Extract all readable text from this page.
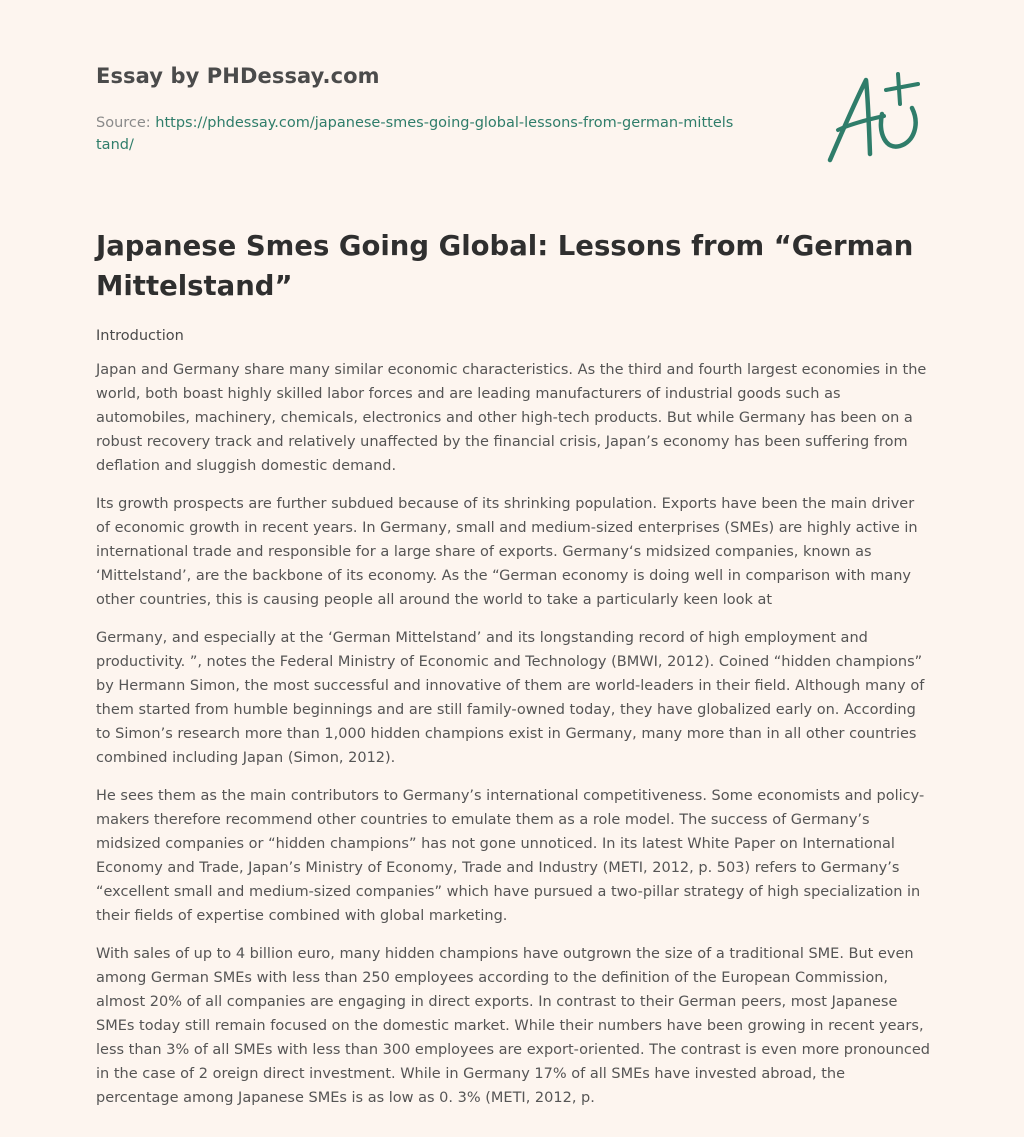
Essay by PHDessay.com
Source: https://phdessay.com/japanese-smes-going-global-lessons-from-german-mittelstand/
Japanese Smes Going Global: Lessons from “German Mittelstand”

Introduction

Japan and Germany share many similar economic characteristics. As the third and fourth largest economies in the world, both boast highly skilled labor forces and are leading manufacturers of industrial goods such as automobiles, machinery, chemicals, electronics and other high-tech products. But while Germany has been on a robust recovery track and relatively unaffected by the financial crisis, Japan’s economy has been suffering from deflation and sluggish domestic demand.

Its growth prospects are further subdued because of its shrinking population. Exports have been the main driver of economic growth in recent years. In Germany, small and medium-sized enterprises (SMEs) are highly active in international trade and responsible for a large share of exports. Germany‘s midsized companies, known as ‘Mittelstand’, are the backbone of its economy. As the “German economy is doing well in comparison with many other countries, this is causing people all around the world to take a particularly keen look at

Germany, and especially at the ‘German Mittelstand’ and its longstanding record of high employment and productivity. ”, notes the Federal Ministry of Economic and Technology (BMWI, 2012). Coined “hidden champions” by Hermann Simon, the most successful and innovative of them are world-leaders in their field. Although many of them started from humble beginnings and are still family-owned today, they have globalized early on. According to Simon’s research more than 1,000 hidden champions exist in Germany, many more than in all other countries combined including Japan (Simon, 2012).

He sees them as the main contributors to Germany’s international competitiveness. Some economists and policy-makers therefore recommend other countries to emulate them as a role model. The success of Germany’s midsized companies or “hidden champions” has not gone unnoticed. In its latest White Paper on International Economy and Trade, Japan’s Ministry of Economy, Trade and Industry (METI, 2012, p. 503) refers to Germany’s “excellent small and medium-sized companies” which have pursued a two-pillar strategy of high specialization in their fields of expertise combined with global marketing.

With sales of up to 4 billion euro, many hidden champions have outgrown the size of a traditional SME. But even among German SMEs with less than 250 employees according to the definition of the European Commission, almost 20% of all companies are engaging in direct exports. In contrast to their German peers, most Japanese SMEs today still remain focused on the domestic market. While their numbers have been growing in recent years, less than 3% of all SMEs with less than 300 employees are export-oriented. The contrast is even more pronounced in the case of 2 oreign direct investment. While in Germany 17% of all SMEs have invested abroad, the percentage among Japanese SMEs is as low as 0. 3% (METI, 2012, p.
